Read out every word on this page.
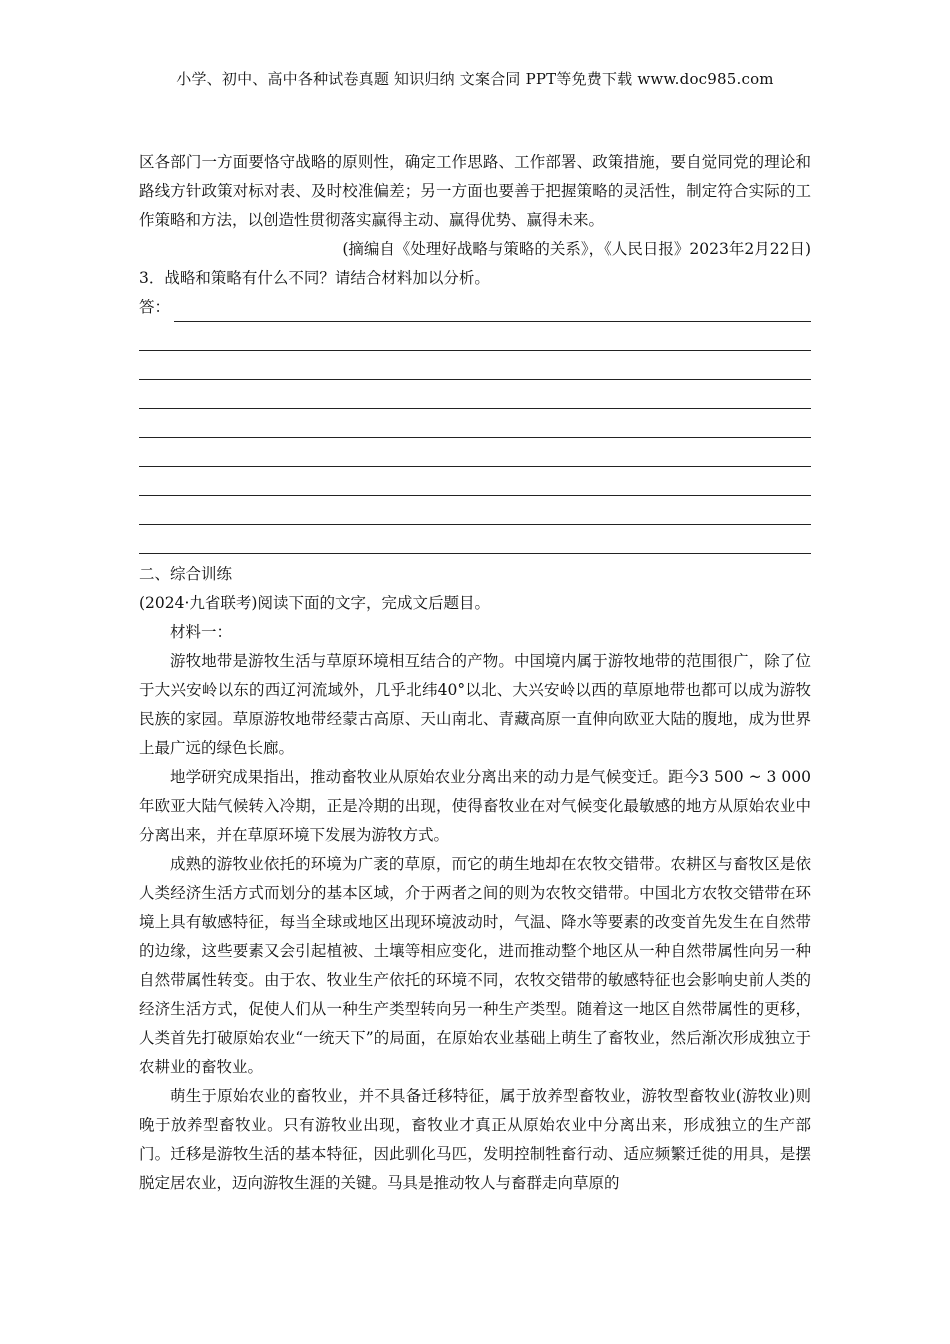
小学、初中、高中各种试卷真题 知识归纳 文案合同 PPT等免费下载 www.doc985.com

区各部门一方面要恪守战略的原则性，确定工作思路、工作部署、政策措施，要自觉同党的理论和路线方针政策对标对表、及时校准偏差；另一方面也要善于把握策略的灵活性，制定符合实际的工作策略和方法，以创造性贯彻落实赢得主动、赢得优势、赢得未来。

(摘编自《处理好战略与策略的关系》，《人民日报》2023年2月22日)

3．战略和策略有什么不同？请结合材料加以分析。

答：

二、综合训练

(2024·九省联考)阅读下面的文字，完成文后题目。

材料一：

游牧地带是游牧生活与草原环境相互结合的产物。中国境内属于游牧地带的范围很广，除了位于大兴安岭以东的西辽河流域外，几乎北纬40°以北、大兴安岭以西的草原地带也都可以成为游牧民族的家园。草原游牧地带经蒙古高原、天山南北、青藏高原一直伸向欧亚大陆的腹地，成为世界上最广远的绿色长廊。

地学研究成果指出，推动畜牧业从原始农业分离出来的动力是气候变迁。距今3 500 ~ 3 000年欧亚大陆气候转入冷期，正是冷期的出现，使得畜牧业在对气候变化最敏感的地方从原始农业中分离出来，并在草原环境下发展为游牧方式。

成熟的游牧业依托的环境为广袤的草原，而它的萌生地却在农牧交错带。农耕区与畜牧区是依人类经济生活方式而划分的基本区域，介于两者之间的则为农牧交错带。中国北方农牧交错带在环境上具有敏感特征，每当全球或地区出现环境波动时，气温、降水等要素的改变首先发生在自然带的边缘，这些要素又会引起植被、土壤等相应变化，进而推动整个地区从一种自然带属性向另一种自然带属性转变。由于农、牧业生产依托的环境不同，农牧交错带的敏感特征也会影响史前人类的经济生活方式，促使人们从一种生产类型转向另一种生产类型。随着这一地区自然带属性的更移，人类首先打破原始农业“一统天下”的局面，在原始农业基础上萌生了畜牧业，然后渐次形成独立于农耕业的畜牧业。

萌生于原始农业的畜牧业，并不具备迁移特征，属于放养型畜牧业，游牧型畜牧业(游牧业)则晚于放养型畜牧业。只有游牧业出现，畜牧业才真正从原始农业中分离出来，形成独立的生产部门。迁移是游牧生活的基本特征，因此驯化马匹，发明控制牲畜行动、适应频繁迁徙的用具，是摆脱定居农业，迈向游牧生涯的关键。马具是推动牧人与畜群走向草原的
